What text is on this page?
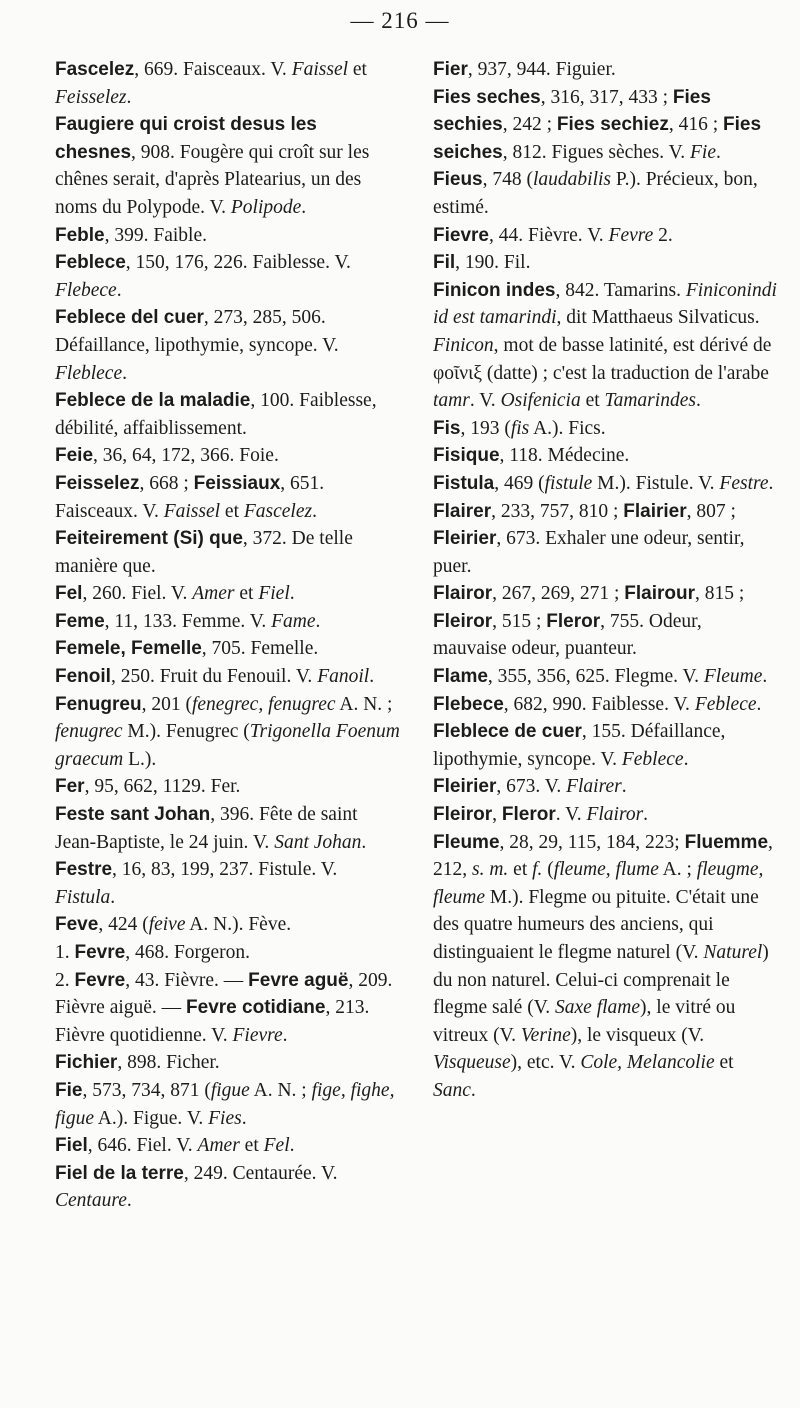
— 216 —

Fascelez, 669. Faisceaux. V. Faissel et Feisselez.

Faugiere qui croist desus les chesnes, 908. Fougère qui croît sur les chênes serait, d'après Platearius, un des noms du Polypode. V. Polipode.

Feble, 399. Faible.

Feblece, 150, 176, 226. Faiblesse. V. Flebece.

Feblece del cuer, 273, 285, 506. Défaillance, lipothymie, syncope. V. Fleblece.

Feblece de la maladie, 100. Faiblesse, débilité, affaiblissement.

Feie, 36, 64, 172, 366. Foie.

Feisselez, 668 ; Feissiaux, 651. Faisceaux. V. Faissel et Fascelez.

Feiteirement (Si) que, 372. De telle manière que.

Fel, 260. Fiel. V. Amer et Fiel.

Feme, 11, 133. Femme. V. Fame.

Femele, Femelle, 705. Femelle.

Fenoil, 250. Fruit du Fenouil. V. Fanoil.

Fenugreu, 201 (fenegrec, fenugrec A. N. ; fenugrec M.). Fenugrec (Trigonella Foenum graecum L.).

Fer, 95, 662, 1129. Fer.

Feste sant Johan, 396. Fête de saint Jean-Baptiste, le 24 juin. V. Sant Johan.

Festre, 16, 83, 199, 237. Fistule. V. Fistula.

Feve, 424 (feive A. N.). Fève.

1. Fevre, 468. Forgeron.

2. Fevre, 43. Fièvre. — Fevre aguë, 209. Fièvre aiguë. — Fevre cotidiane, 213. Fièvre quotidienne. V. Fievre.

Fichier, 898. Ficher.

Fie, 573, 734, 871 (figue A. N. ; fige, fighe, figue A.). Figue. V. Fies.

Fiel, 646. Fiel. V. Amer et Fel.

Fiel de la terre, 249. Centaurée. V. Centaure.

Fier, 937, 944. Figuier.

Fies seches, 316, 317, 433 ; Fies sechies, 242 ; Fies sechiez, 416 ; Fies seiches, 812. Figues sèches. V. Fie.

Fieus, 748 (laudabilis P.). Précieux, bon, estimé.

Fievre, 44. Fièvre. V. Fevre 2.

Fil, 190. Fil.

Finicon indes, 842. Tamarins. Finiconindi id est tamarindi, dit Matthaeus Silvaticus. Finicon, mot de basse latinité, est dérivé de φοῖνιξ (datte) ; c'est la traduction de l'arabe tamr. V. Osifenicia et Tamarindes.

Fis, 193 (fis A.). Fics.

Fisique, 118. Médecine.

Fistula, 469 (fistule M.). Fistule. V. Festre.

Flairer, 233, 757, 810 ; Flairier, 807 ; Fleirier, 673. Exhaler une odeur, sentir, puer.

Flairor, 267, 269, 271 ; Flairour, 815 ; Fleiror, 515 ; Fleror, 755. Odeur, mauvaise odeur, puanteur.

Flame, 355, 356, 625. Flegme. V. Fleume.

Flebece, 682, 990. Faiblesse. V. Feblece.

Fleblece de cuer, 155. Défaillance, lipothymie, syncope. V. Feblece.

Fleirier, 673. V. Flairer.

Fleiror, Fleror. V. Flairor.

Fleume, 28, 29, 115, 184, 223; Fluemme, 212, s. m. et f. (fleume, flume A. ; fleugme, fleume M.). Flegme ou pituite. C'était une des quatre humeurs des anciens, qui distinguaient le flegme naturel (V. Naturel) du non naturel. Celui-ci comprenait le flegme salé (V. Saxe flame), le vitré ou vitreux (V. Verine), le visqueux (V. Visqueuse), etc. V. Cole, Melancolie et Sanc.
